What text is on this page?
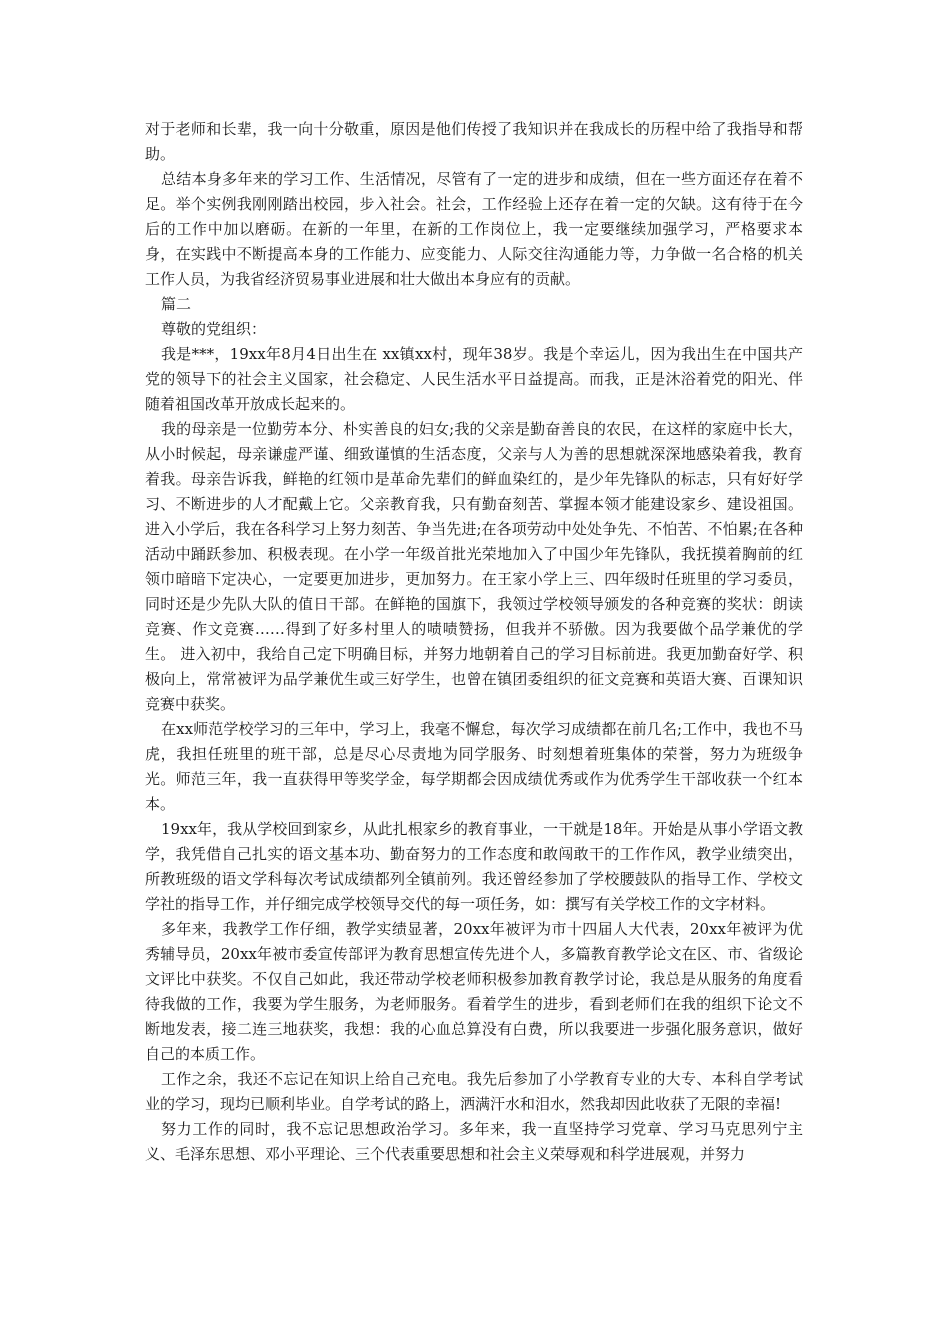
对于老师和长辈，我一向十分敬重，原因是他们传授了我知识并在我成长的历程中给了我指导和帮助。

总结本身多年来的学习工作、生活情况，尽管有了一定的进步和成绩，但在一些方面还存在着不足。举个实例我刚刚踏出校园，步入社会。社会，工作经验上还存在着一定的欠缺。这有待于在今后的工作中加以磨砺。在新的一年里，在新的工作岗位上，我一定要继续加强学习，严格要求本身，在实践中不断提高本身的工作能力、应变能力、人际交往沟通能力等，力争做一名合格的机关工作人员，为我省经济贸易事业进展和壮大做出本身应有的贡献。

篇二

尊敬的党组织：

我是***，19xx年8月4日出生在 xx镇xx村，现年38岁。我是个幸运儿，因为我出生在中国共产党的领导下的社会主义国家，社会稳定、人民生活水平日益提高。而我，正是沐浴着党的阳光、伴随着祖国改革开放成长起来的。

我的母亲是一位勤劳本分、朴实善良的妇女;我的父亲是勤奋善良的农民，在这样的家庭中长大，从小时候起，母亲谦虚严谨、细致谨慎的生活态度，父亲与人为善的思想就深深地感染着我，教育着我。母亲告诉我，鲜艳的红领巾是革命先辈们的鲜血染红的，是少年先锋队的标志，只有好好学习、不断进步的人才配戴上它。父亲教育我，只有勤奋刻苦、掌握本领才能建设家乡、建设祖国。进入小学后，我在各科学习上努力刻苦、争当先进;在各项劳动中处处争先、不怕苦、不怕累;在各种活动中踊跃参加、积极表现。在小学一年级首批光荣地加入了中国少年先锋队，我抚摸着胸前的红领巾暗暗下定决心，一定要更加进步，更加努力。在王家小学上三、四年级时任班里的学习委员，同时还是少先队大队的值日干部。在鲜艳的国旗下，我领过学校领导颁发的各种竞赛的奖状：朗读竞赛、作文竞赛……得到了好多村里人的啧啧赞扬，但我并不骄傲。因为我要做个品学兼优的学生。 进入初中，我给自己定下明确目标，并努力地朝着自己的学习目标前进。我更加勤奋好学、积极向上，常常被评为品学兼优生或三好学生，也曾在镇团委组织的征文竞赛和英语大赛、百课知识竞赛中获奖。

在xx师范学校学习的三年中，学习上，我毫不懈怠，每次学习成绩都在前几名;工作中，我也不马虎，我担任班里的班干部，总是尽心尽责地为同学服务、时刻想着班集体的荣誉，努力为班级争光。师范三年，我一直获得甲等奖学金，每学期都会因成绩优秀或作为优秀学生干部收获一个红本本。

19xx年，我从学校回到家乡，从此扎根家乡的教育事业，一干就是18年。开始是从事小学语文教学，我凭借自己扎实的语文基本功、勤奋努力的工作态度和敢闯敢干的工作作风，教学业绩突出，所教班级的语文学科每次考试成绩都列全镇前列。我还曾经参加了学校腰鼓队的指导工作、学校文学社的指导工作，并仔细完成学校领导交代的每一项任务，如：撰写有关学校工作的文字材料。

多年来，我教学工作仔细，教学实绩显著，20xx年被评为市十四届人大代表，20xx年被评为优秀辅导员，20xx年被市委宣传部评为教育思想宣传先进个人，多篇教育教学论文在区、市、省级论文评比中获奖。不仅自己如此，我还带动学校老师积极参加教育教学讨论，我总是从服务的角度看待我做的工作，我要为学生服务，为老师服务。看着学生的进步，看到老师们在我的组织下论文不断地发表，接二连三地获奖，我想：我的心血总算没有白费，所以我要进一步强化服务意识，做好自己的本质工作。

工作之余，我还不忘记在知识上给自己充电。我先后参加了小学教育专业的大专、本科自学考试业的学习，现均已顺利毕业。自学考试的路上，洒满汗水和泪水，然我却因此收获了无限的幸福!

努力工作的同时，我不忘记思想政治学习。多年来，我一直坚持学习党章、学习马克思列宁主义、毛泽东思想、邓小平理论、三个代表重要思想和社会主义荣辱观和科学进展观，并努力
